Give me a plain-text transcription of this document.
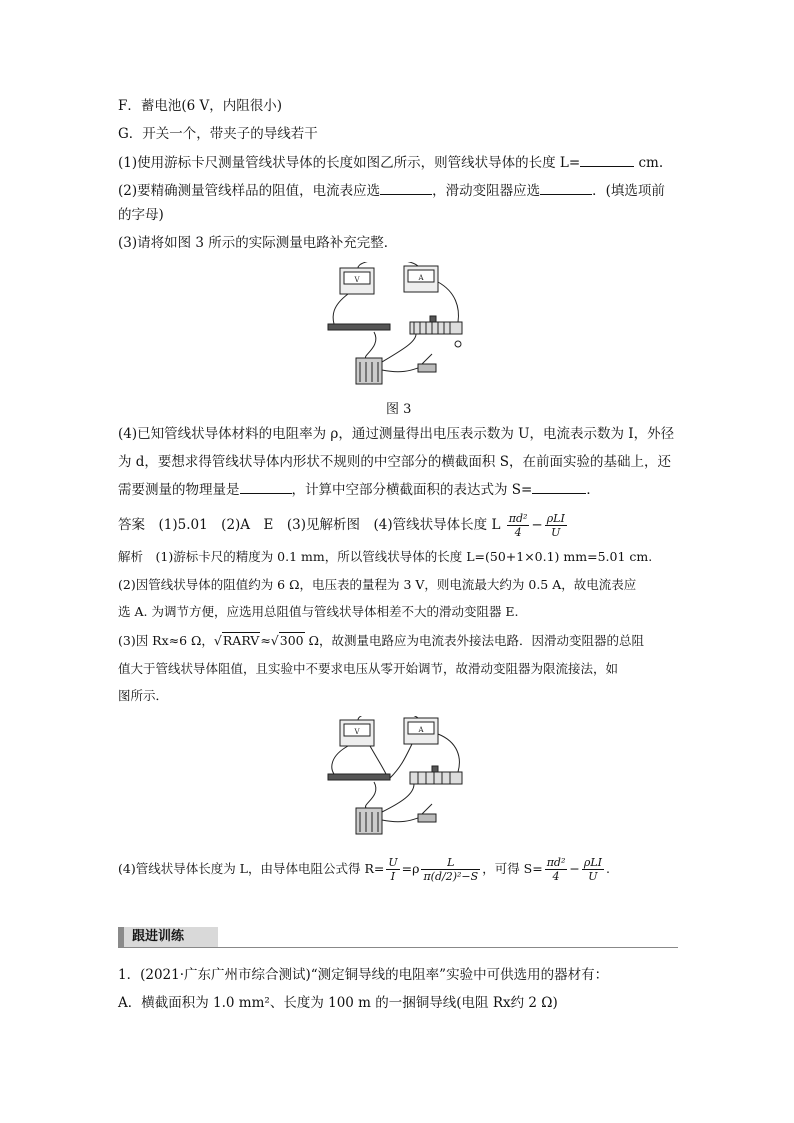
F．蓄电池(6 V，内阻很小)
G．开关一个，带夹子的导线若干
(1)使用游标卡尺测量管线状导体的长度如图乙所示，则管线状导体的长度 L=	cm.
(2)要精确测量管线样品的阻值，电流表应选	，滑动变阻器应选	．(填选项前
的字母)
(3)请将如图 3 所示的实际测量电路补充完整．
V	A
图 3
(4)已知管线状导体材料的电阻率为 ρ，通过测量得出电压表示数为 U，电流表示数为 I，外径
为 d，要想求得管线状导体内形状不规则的中空部分的横截面积 S，在前面实验的基础上，还
需要测量的物理量是	，计算中空部分横截面积的表达式为 S=	．
答案　(1)5.01　(2)A　E　(3)见解析图　(4)管线状导体长度 L $\frac{\text{πd²}}{4} - \frac{\text{ρLI}}{U}$
解析　(1)游标卡尺的精度为 0.1 mm，所以管线状导体的长度 L=(50+1×0.1) mm=5.01 cm.
(2)因管线状导体的阻值约为 6 Ω，电压表的量程为 3 V，则电流最大约为 0.5 A，故电流表应
选 A. 为调节方便，应选用总阻值与管线状导体相差不大的滑动变阻器 E.
(3)因 Rx≈6 Ω，√RARV≈√300 Ω，故测量电路应为电流表外接法电路．因滑动变阻器的总阻
值大于管线状导体阻值，且实验中不要求电压从零开始调节，故滑动变阻器为限流接法，如
图所示．
V	A
(4)管线状导体长度为 L，由导体电阻公式得 $R= \frac{U}{I} =\rho \frac{L}{\text{π(d/2)²−S}}$ ，可得 $S= \frac{\text{πd²}}{4} - \frac{\text{ρLI}}{U}$ .
跟进训练
1．(2021·广东广州市综合测试)“测定铜导线的电阻率”实验中可供选用的器材有：
A．横截面积为 1.0 mm²、长度为 100 m 的一捆铜导线(电阻 Rx约 2 Ω)
